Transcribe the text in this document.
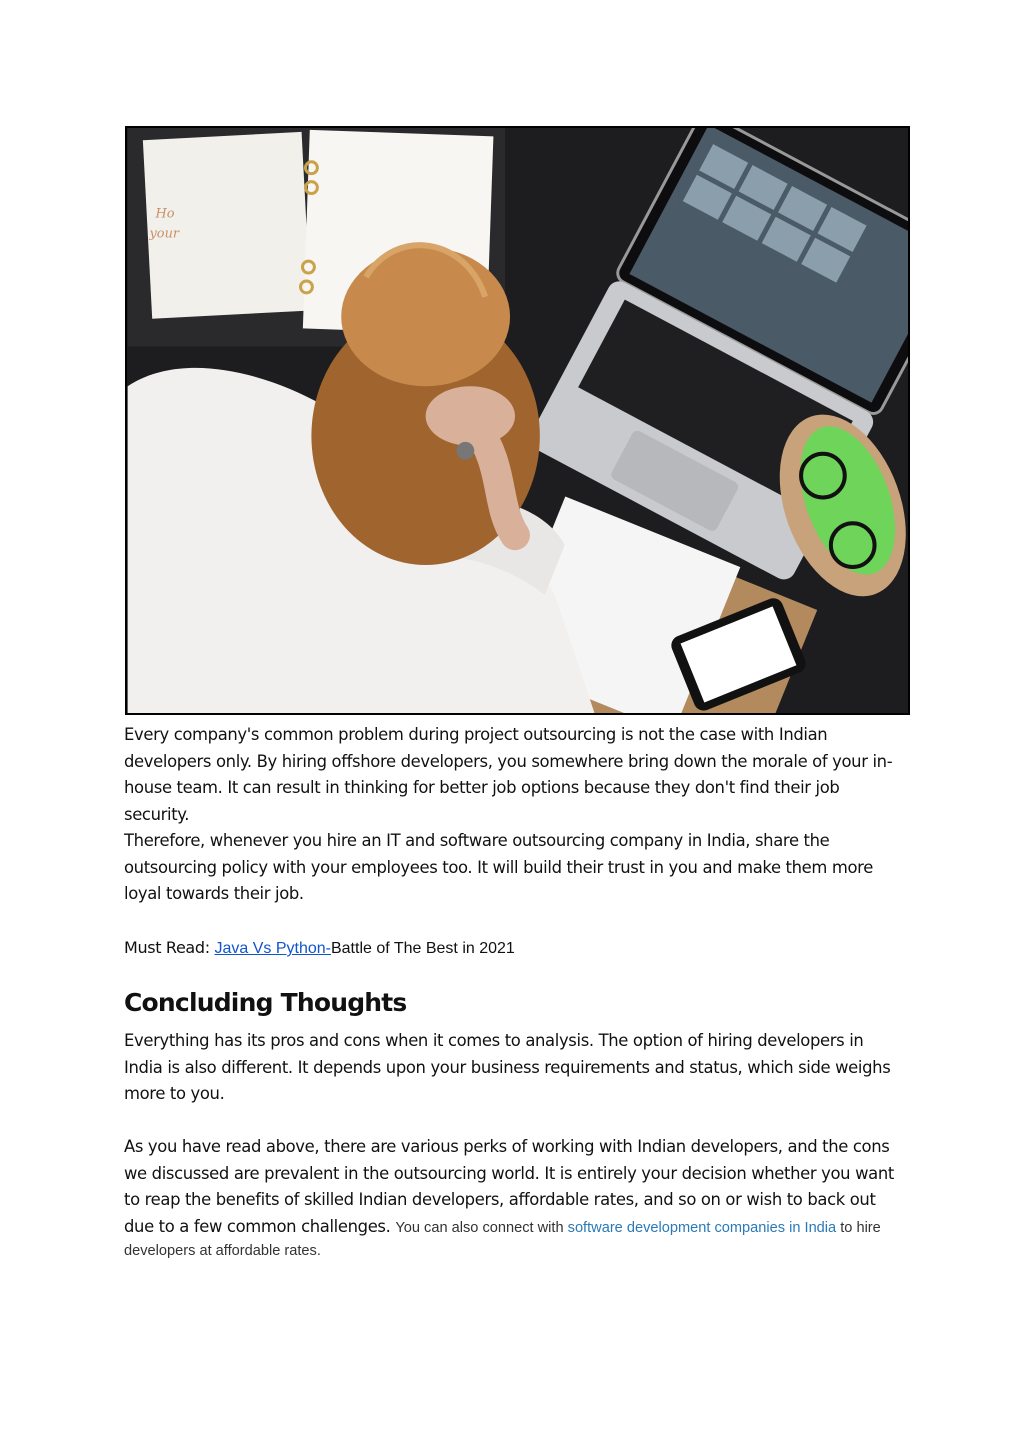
Ho
your

Every company's common problem during project outsourcing is not the case with Indian developers only. By hiring offshore developers, you somewhere bring down the morale of your in-house team. It can result in thinking for better job options because they don't find their job security.

Therefore, whenever you hire an IT and software outsourcing company in India, share the outsourcing policy with your employees too. It will build their trust in you and make them more loyal towards their job.

Must Read: Java Vs Python-Battle of The Best in 2021
Concluding Thoughts

Everything has its pros and cons when it comes to analysis. The option of hiring developers in India is also different. It depends upon your business requirements and status, which side weighs more to you.

As you have read above, there are various perks of working with Indian developers, and the cons we discussed are prevalent in the outsourcing world. It is entirely your decision whether you want to reap the benefits of skilled Indian developers, affordable rates, and so on or wish to back out due to a few common challenges. You can also connect with software development companies in India to hire
developers at affordable rates.
